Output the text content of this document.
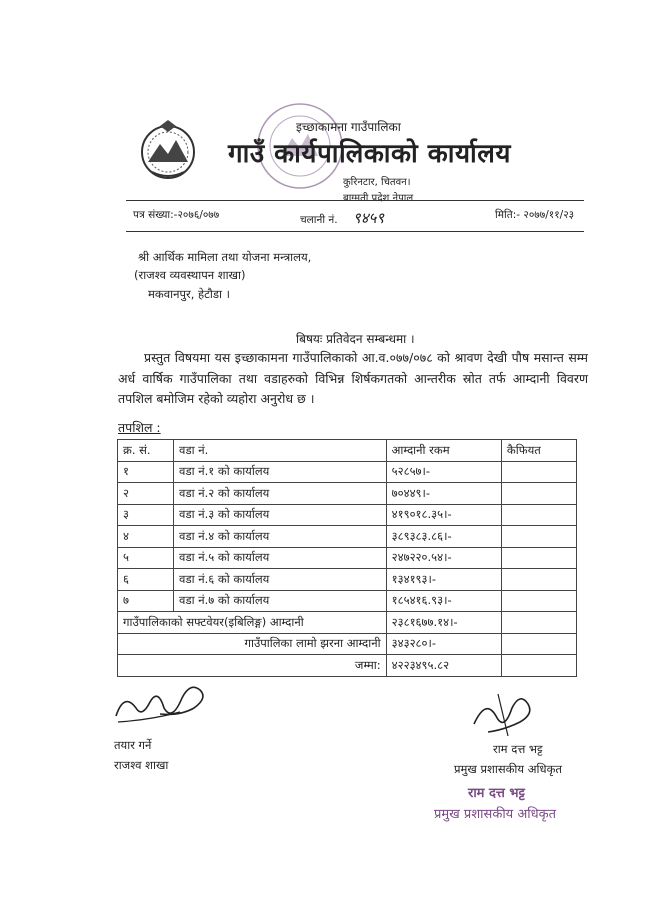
इच्छाकामना गाउँपालिका
गाउँ कार्यपालिकाको कार्यालय
कुरिनटार, चितवन।
बाग्मती प्रदेश नेपाल
पत्र संख्या:-२०७६/०७७	चलानी नं. ९४५९	मिति:- २०७७/११/२३
श्री आर्थिक मामिला तथा योजना मन्त्रालय,
(राजश्व व्यवस्थापन शाखा)
मकवानपुर, हेटौडा ।
बिषयः प्रतिवेदन सम्बन्धमा ।
प्रस्तुत विषयमा यस इच्छाकामना गाउँपालिकाको आ.व.०७७/०७८ को श्रावण देखी पौष मसान्त सम्म अर्ध वार्षिक गाउँपालिका तथा वडाहरुको विभिन्न शिर्षकगतको आन्तरीक स्रोत तर्फ आम्दानी विवरण तपशिल बमोजिम रहेको व्यहोरा अनुरोध छ ।
तपशिल :
क्र. सं.	वडा नं.	आम्दानी रकम	कैफियत
१	वडा नं.१ को कार्यालय	५२८५७।-	
२	वडा नं.२ को कार्यालय	७०४४९।-	
३	वडा नं.३ को कार्यालय	४१९०१८.३५।-	
४	वडा नं.४ को कार्यालय	३८९३८३.८६।-	
५	वडा नं.५ को कार्यालय	२४७२२०.५४।-	
६	वडा नं.६ को कार्यालय	१३४१९३।-	
७	वडा नं.७ को कार्यालय	१८५४१६.९३।-	
गाउँपालिकाको सफ्टवेयर(इबिलिङ्ग) आम्दानी		२३८१६७७.१४।-	
गाउँपालिका लामो झरना आम्दानी		३४३२८०।-	
जम्मा:		४२२३४९५.८२	
तयार गर्ने
राजश्व शाखा
राम दत्त भट्ट
प्रमुख प्रशासकीय अधिकृत
राम दत्त भट्ट
प्रमुख प्रशासकीय अधिकृत
